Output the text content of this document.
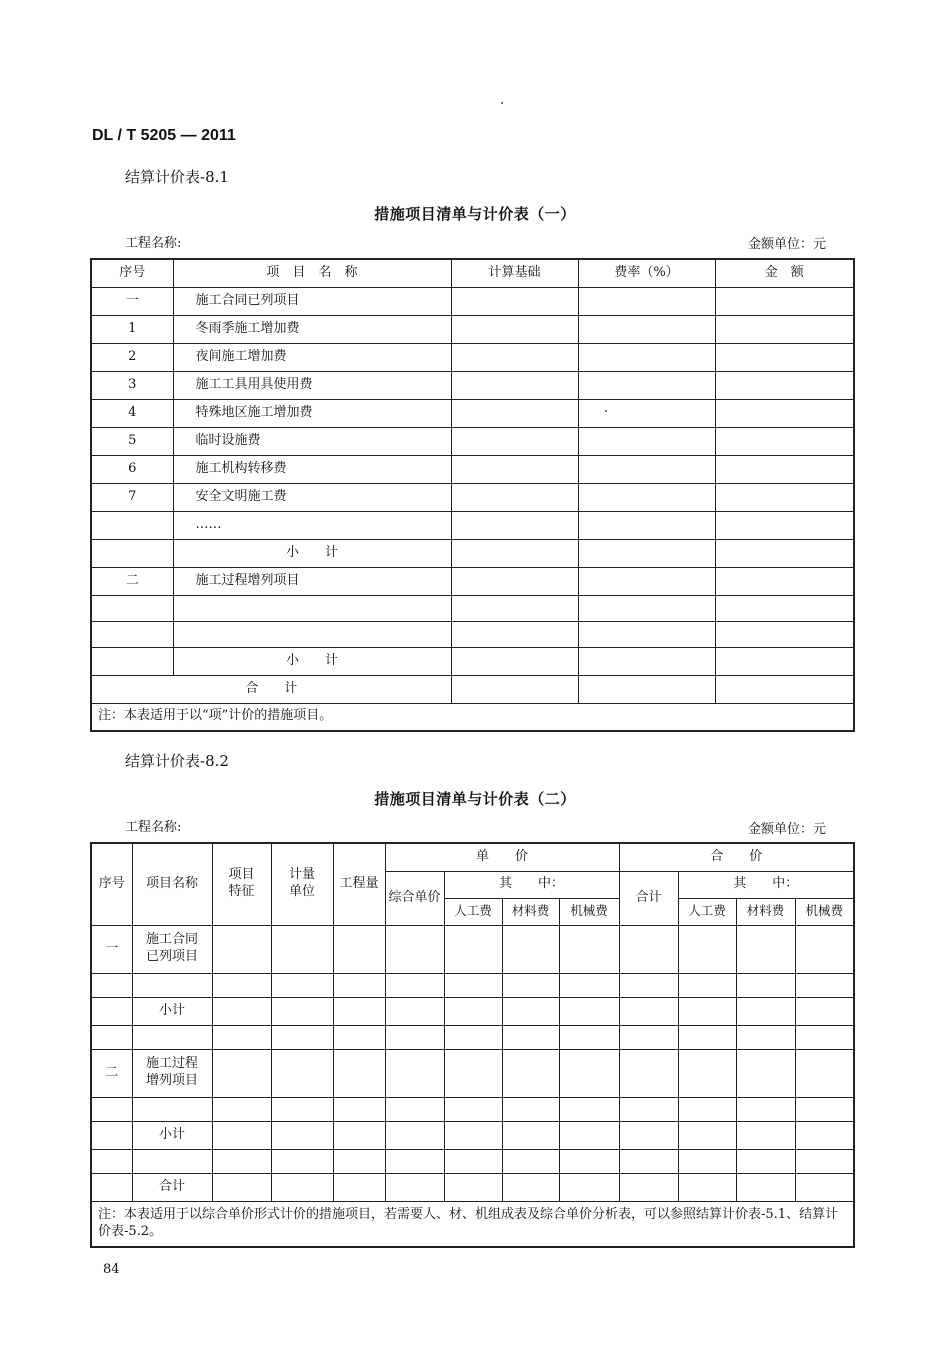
DL / T 5205 — 2011
结算计价表-8.1
措施项目清单与计价表（一）
工程名称:	金额单位：元
序号	项　目　名　称	计算基础	费率（%）	金　额
一	施工合同已列项目			
1	冬雨季施工增加费			
2	夜间施工增加费			
3	施工工具用具使用费			
4	特殊地区施工增加费		

5	临时设施费			
6	施工机构转移费			
7	安全文明施工费			
	……			
	小　　计			
二	施工过程增列项目			

	小　　计			
合　　计				
注：本表适用于以“项”计价的措施项目。				
结算计价表-8.2
措施项目清单与计价表（二）
工程名称:	金额单位：元
序号	项目名称	项目特征	计量单位	工程量	单　　价				合　　价			
					综合单价	其　　中：			合计	其　　中：		
						人工费	材料费	机械费		人工费	材料费	机械费
一	施工合同已列项目											

	小计											

二	施工过程增列项目											

	小计											

	合计											
注：本表适用于以综合单价形式计价的措施项目，若需要人、材、机组成表及综合单价分析表，可以参照结算计价表-5.1、结算计价表-5.2。												
84
